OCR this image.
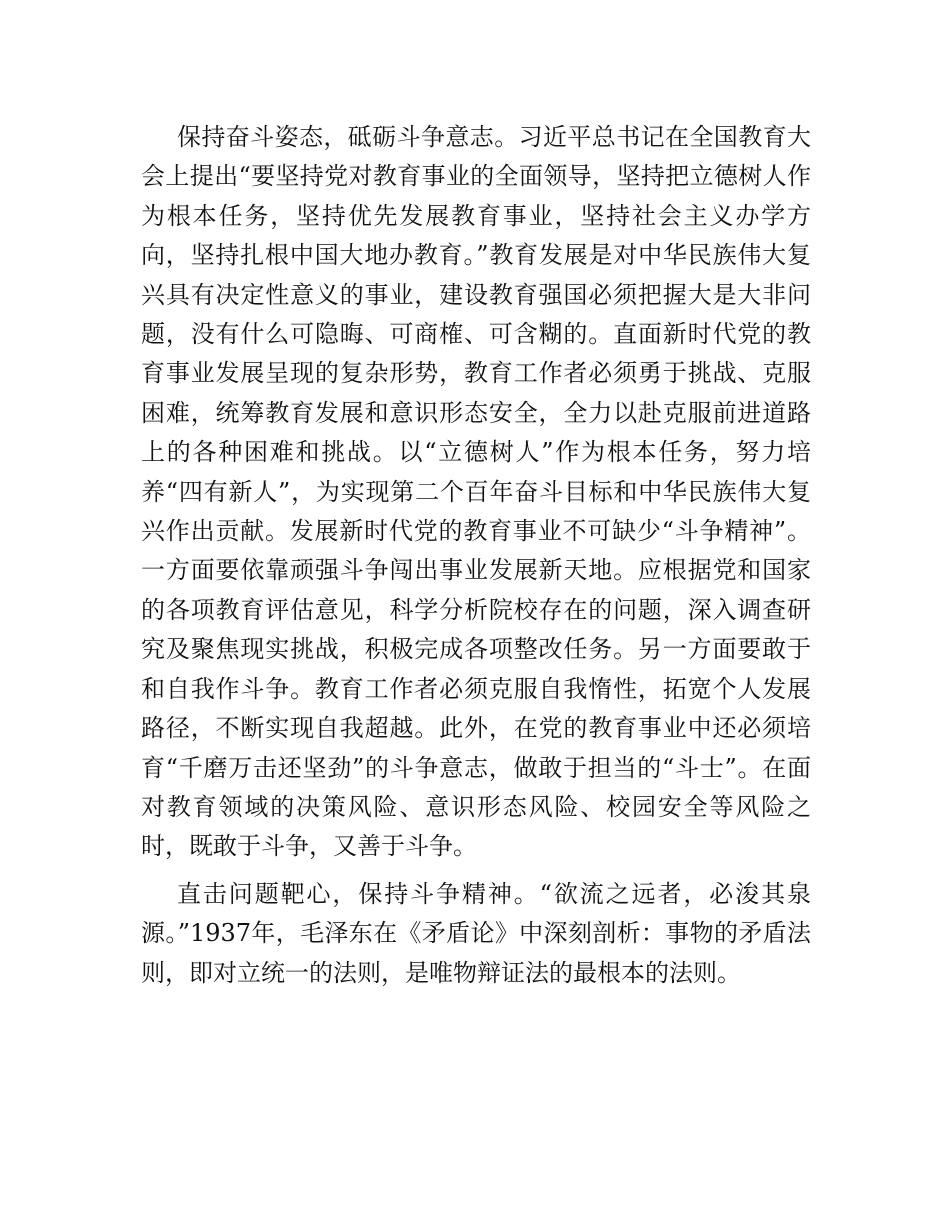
保持奋斗姿态，砥砺斗争意志。习近平总书记在全国教育大会上提出“要坚持党对教育事业的全面领导，坚持把立德树人作为根本任务，坚持优先发展教育事业，坚持社会主义办学方向，坚持扎根中国大地办教育。”教育发展是对中华民族伟大复兴具有决定性意义的事业，建设教育强国必须把握大是大非问题，没有什么可隐晦、可商榷、可含糊的。直面新时代党的教育事业发展呈现的复杂形势，教育工作者必须勇于挑战、克服困难，统筹教育发展和意识形态安全，全力以赴克服前进道路上的各种困难和挑战。以“立德树人”作为根本任务，努力培养“四有新人”，为实现第二个百年奋斗目标和中华民族伟大复兴作出贡献。发展新时代党的教育事业不可缺少“斗争精神”。一方面要依靠顽强斗争闯出事业发展新天地。应根据党和国家的各项教育评估意见，科学分析院校存在的问题，深入调查研究及聚焦现实挑战，积极完成各项整改任务。另一方面要敢于和自我作斗争。教育工作者必须克服自我惰性，拓宽个人发展路径，不断实现自我超越。此外，在党的教育事业中还必须培育“千磨万击还坚劲”的斗争意志，做敢于担当的“斗士”。在面对教育领域的决策风险、意识形态风险、校园安全等风险之时，既敢于斗争，又善于斗争。

直击问题靶心，保持斗争精神。“欲流之远者，必浚其泉源。”1937年，毛泽东在《矛盾论》中深刻剖析：事物的矛盾法则，即对立统一的法则，是唯物辩证法的最根本的法则。
